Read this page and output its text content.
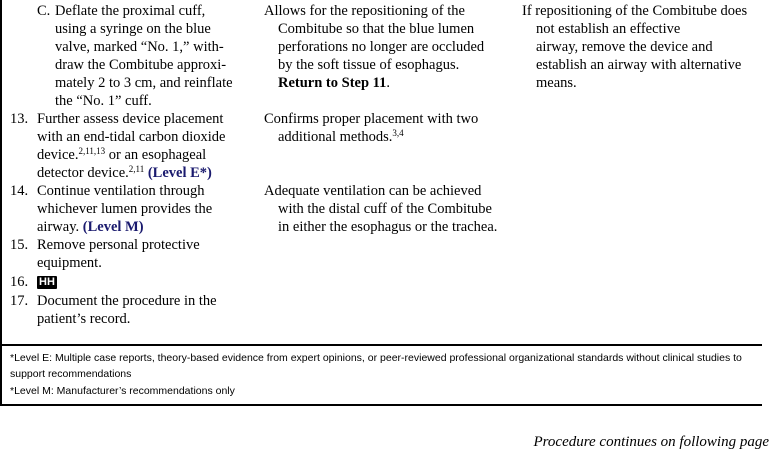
C. Deflate the proximal cuff,
using a syringe on the blue
valve, marked “No. 1,” with-
draw the Combitube approxi-
mately 2 to 3 cm, and reinflate
the “No. 1” cuff.
13. Further assess device placement
with an end-tidal carbon dioxide
device.$^{2,11,13}$ or an esophageal
detector device.$^{2,11}$ (Level E*)
14. Continue ventilation through
whichever lumen provides the
airway. (Level M)
15. Remove personal protective
equipment.
16. HH
17. Document the procedure in the
patient’s record.
Allows for the repositioning of the
Combitube so that the blue lumen
perforations no longer are occluded
by the soft tissue of esophagus.
Return to Step 11.
Confirms proper placement with two
additional methods.$^{3,4}$
Adequate ventilation can be achieved
with the distal cuff of the Combitube
in either the esophagus or the trachea.
If repositioning of the Combitube does
not establish an effective
airway, remove the device and
establish an airway with alternative
means.
*Level E: Multiple case reports, theory-based evidence from expert opinions, or peer-reviewed professional organizational standards without clinical studies to
support recommendations
*Level M: Manufacturer’s recommendations only
Procedure continues on following page
